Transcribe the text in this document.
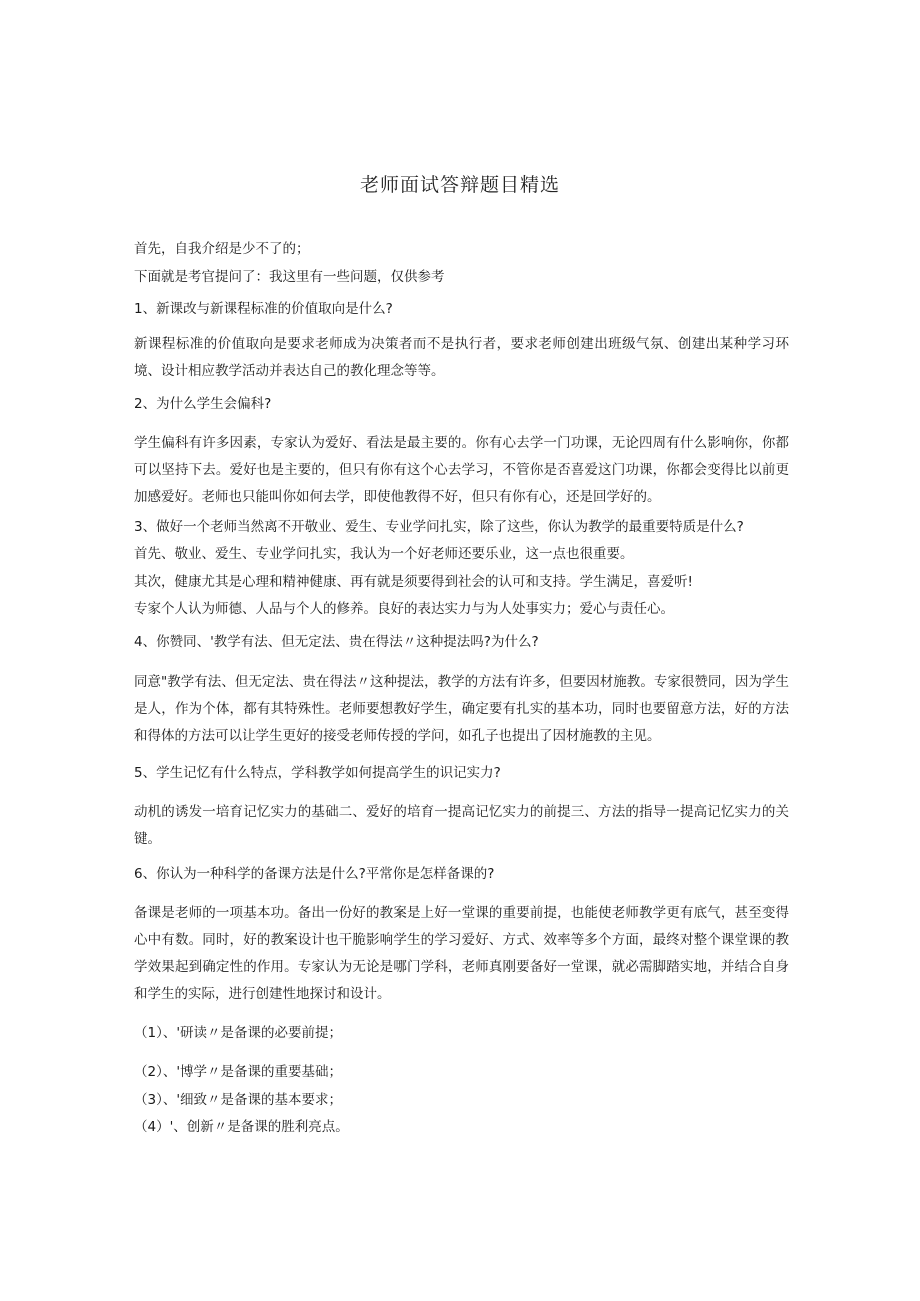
老师面试答辩题目精选
首先，自我介绍是少不了的；
下面就是考官提问了：我这里有一些问题，仅供参考
1、新课改与新课程标准的价值取向是什么?
新课程标准的价值取向是要求老师成为决策者而不是执行者，要求老师创建出班级气氛、创建出某种学习环境、设计相应教学活动并表达自己的教化理念等等。
2、为什么学生会偏科?
学生偏科有许多因素，专家认为爱好、看法是最主要的。你有心去学一门功课，无论四周有什么影响你，你都可以坚持下去。爱好也是主要的，但只有你有这个心去学习，不管你是否喜爱这门功课，你都会变得比以前更加感爱好。老师也只能叫你如何去学，即使他教得不好，但只有你有心，还是回学好的。
3、做好一个老师当然离不开敬业、爱生、专业学问扎实，除了这些，你认为教学的最重要特质是什么?
首先、敬业、爱生、专业学问扎实，我认为一个好老师还要乐业，这一点也很重要。
其次，健康尤其是心理和精神健康、再有就是须要得到社会的认可和支持。学生满足，喜爱听!
专家个人认为师德、人品与个人的修养。良好的表达实力与为人处事实力；爱心与责任心。
4、你赞同、'教学有法、但无定法、贵在得法〃这种提法吗?为什么?
同意"教学有法、但无定法、贵在得法〃这种提法，教学的方法有许多，但要因材施教。专家很赞同，因为学生是人，作为个体，都有其特殊性。老师要想教好学生，确定要有扎实的基本功，同时也要留意方法，好的方法和得体的方法可以让学生更好的接受老师传授的学问，如孔子也提出了因材施教的主见。
5、学生记忆有什么特点，学科教学如何提高学生的识记实力?
动机的诱发一培育记忆实力的基础二、爱好的培育一提高记忆实力的前提三、方法的指导一提高记忆实力的关键。
6、你认为一种科学的备课方法是什么?平常你是怎样备课的?
备课是老师的一项基本功。备出一份好的教案是上好一堂课的重要前提，也能使老师教学更有底气，甚至变得心中有数。同时，好的教案设计也干脆影响学生的学习爱好、方式、效率等多个方面，最终对整个课堂课的教学效果起到确定性的作用。专家认为无论是哪门学科，老师真刚要备好一堂课，就必需脚踏实地，并结合自身和学生的实际，进行创建性地探讨和设计。
（1）、'研读〃是备课的必要前提；
（2）、'博学〃是备课的重要基础；
（3）、'细致〃是备课的基本要求；
（4）'、创新〃是备课的胜利亮点。
